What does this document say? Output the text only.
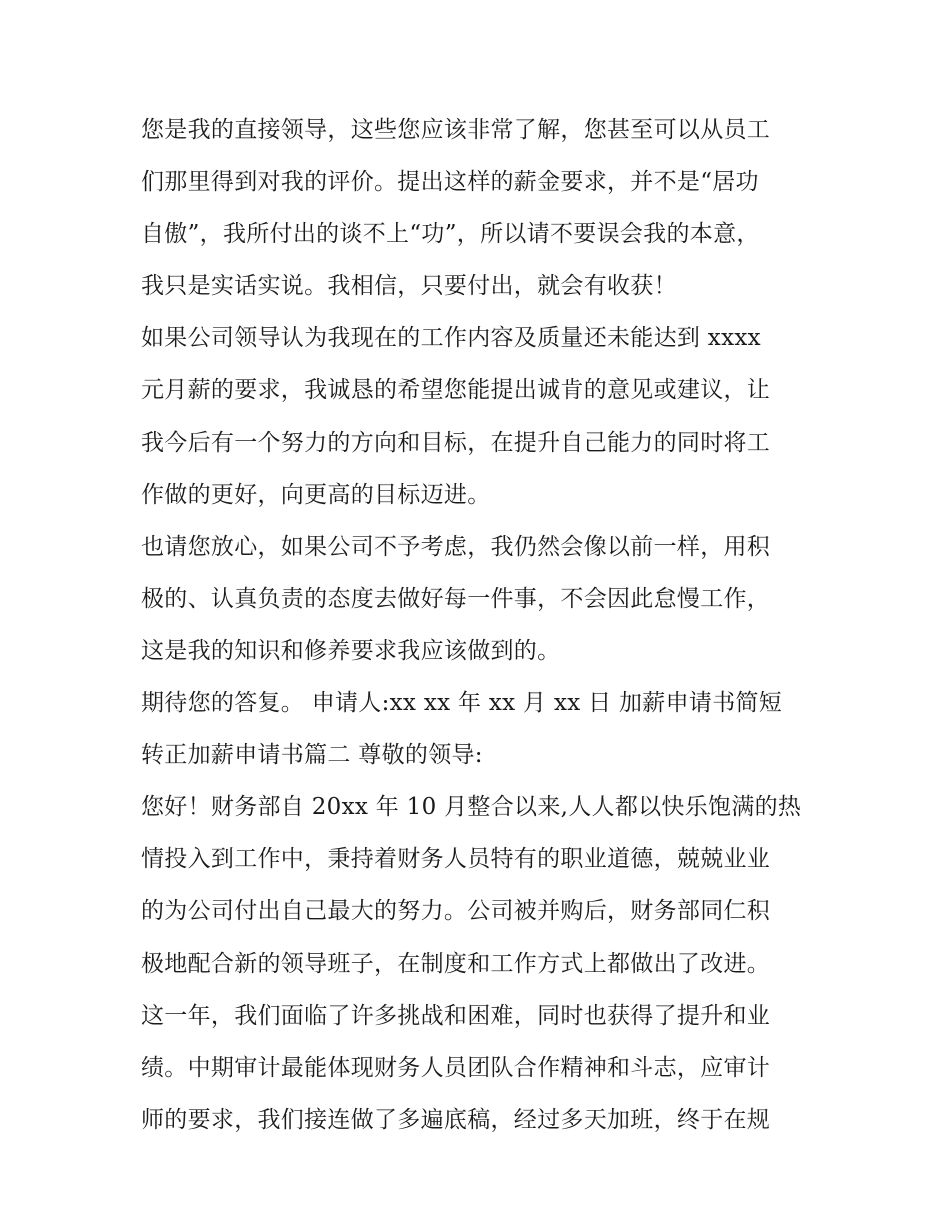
您是我的直接领导，这些您应该非常了解，您甚至可以从员工
们那里得到对我的评价。提出这样的薪金要求，并不是“居功
自傲”，我所付出的谈不上“功”，所以请不要误会我的本意，
我只是实话实说。我相信，只要付出，就会有收获！
如果公司领导认为我现在的工作内容及质量还未能达到 xxxx
元月薪的要求，我诚恳的希望您能提出诚肯的意见或建议，让
我今后有一个努力的方向和目标，在提升自己能力的同时将工
作做的更好，向更高的目标迈进。
也请您放心，如果公司不予考虑，我仍然会像以前一样，用积
极的、认真负责的态度去做好每一件事，不会因此怠慢工作，
这是我的知识和修养要求我应该做到的。
期待您的答复。 申请人:xx xx 年 xx 月 xx 日 加薪申请书简短
转正加薪申请书篇二 尊敬的领导:
您好！财务部自 20xx 年 10 月整合以来,人人都以快乐饱满的热
情投入到工作中，秉持着财务人员特有的职业道德，兢兢业业
的为公司付出自己最大的努力。公司被并购后，财务部同仁积
极地配合新的领导班子，在制度和工作方式上都做出了改进。
这一年，我们面临了许多挑战和困难，同时也获得了提升和业
绩。中期审计最能体现财务人员团队合作精神和斗志，应审计
师的要求，我们接连做了多遍底稿，经过多天加班，终于在规
